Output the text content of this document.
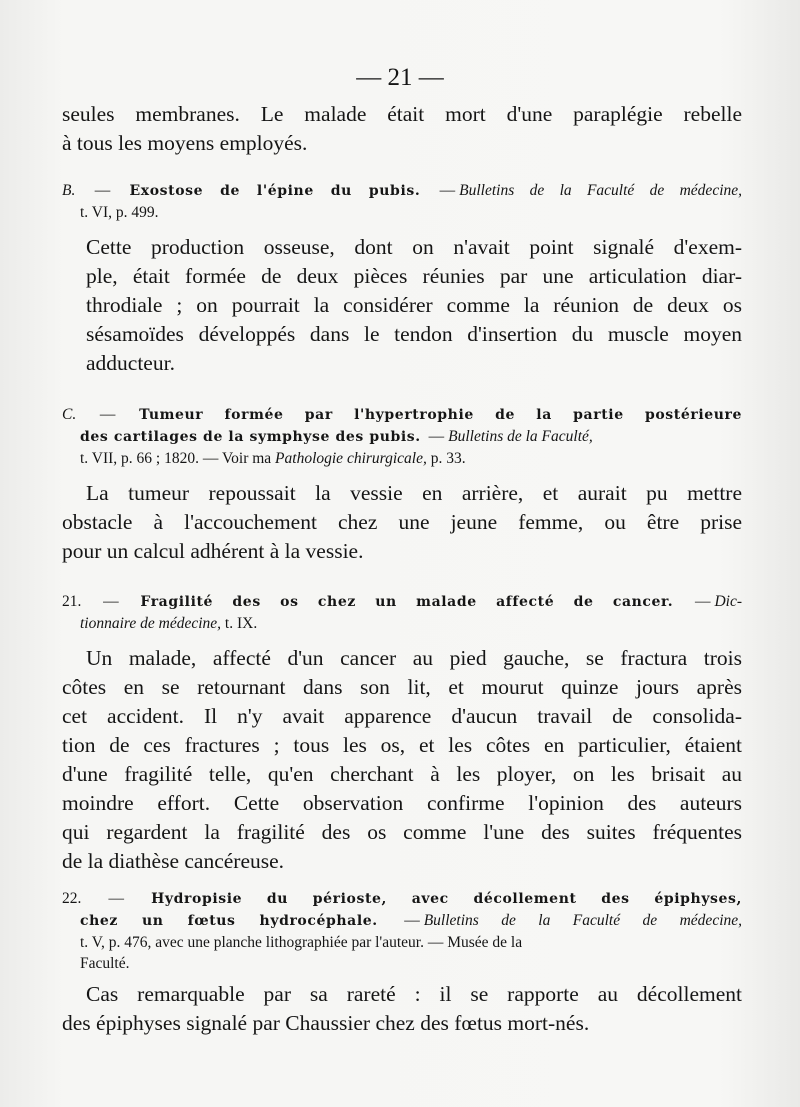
— 21 —

seules membranes. Le malade était mort d'une paraplégie rebelle
à tous les moyens employés.

B. — Exostose de l'épine du pubis. — Bulletins de la Faculté de médecine,
t. VI, p. 499.

Cette production osseuse, dont on n'avait point signalé d'exem-
ple, était formée de deux pièces réunies par une articulation diar-
throdiale ; on pourrait la considérer comme la réunion de deux os
sésamoïdes développés dans le tendon d'insertion du muscle moyen
adducteur.

C. — Tumeur formée par l'hypertrophie de la partie postérieure
des cartilages de la symphyse des pubis. — Bulletins de la Faculté,
t. VII, p. 66 ; 1820. — Voir ma Pathologie chirurgicale, p. 33.

La tumeur repoussait la vessie en arrière, et aurait pu mettre
obstacle à l'accouchement chez une jeune femme, ou être prise
pour un calcul adhérent à la vessie.

21. — Fragilité des os chez un malade affecté de cancer. — Dic-
tionnaire de médecine, t. IX.

Un malade, affecté d'un cancer au pied gauche, se fractura trois
côtes en se retournant dans son lit, et mourut quinze jours après
cet accident. Il n'y avait apparence d'aucun travail de consolida-
tion de ces fractures ; tous les os, et les côtes en particulier, étaient
d'une fragilité telle, qu'en cherchant à les ployer, on les brisait au
moindre effort. Cette observation confirme l'opinion des auteurs
qui regardent la fragilité des os comme l'une des suites fréquentes
de la diathèse cancéreuse.

22. — Hydropisie du périoste, avec décollement des épiphyses,
chez un fœtus hydrocéphale. — Bulletins de la Faculté de médecine,
t. V, p. 476, avec une planche lithographiée par l'auteur. — Musée de la
Faculté.

Cas remarquable par sa rareté : il se rapporte au décollement
des épiphyses signalé par Chaussier chez des fœtus mort-nés.
